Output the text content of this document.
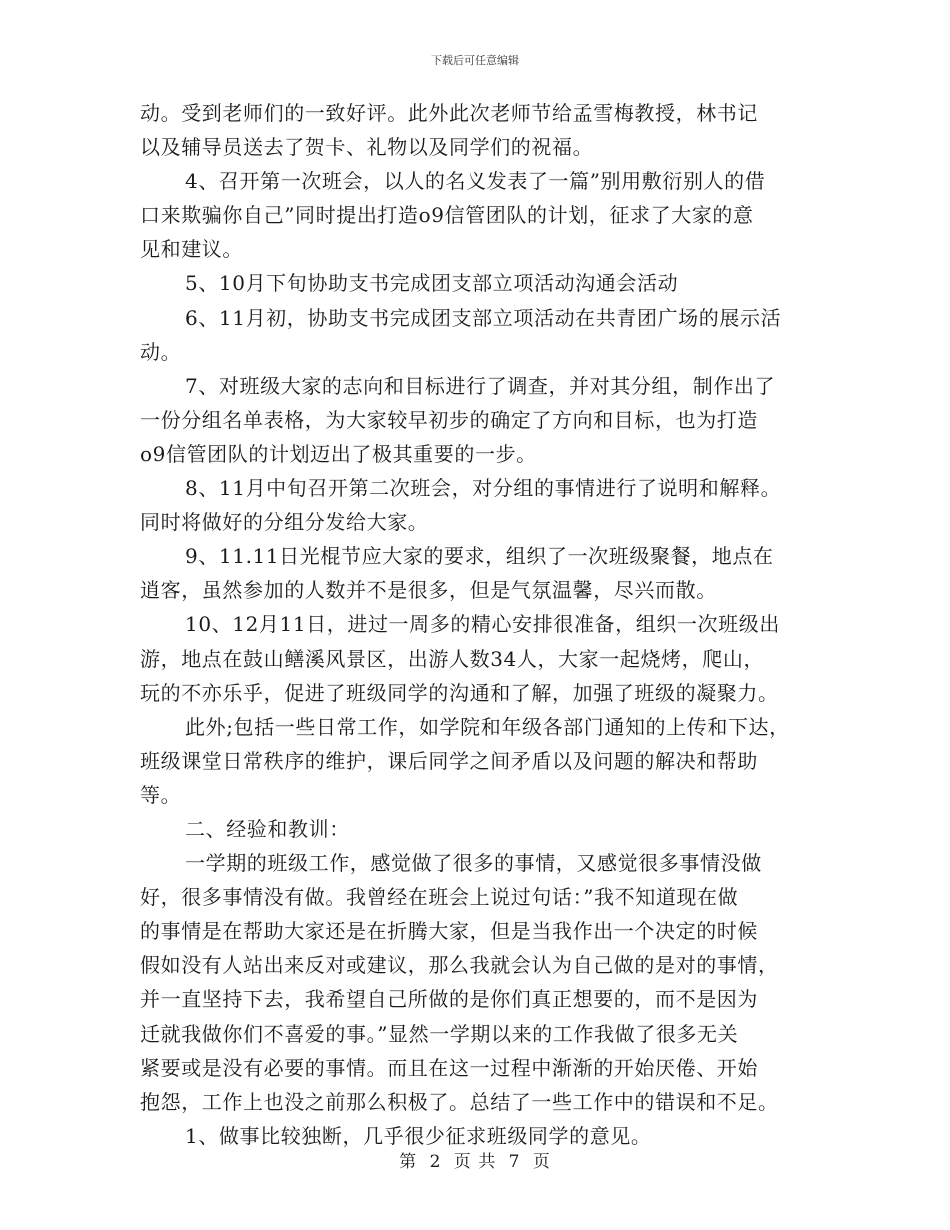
下载后可任意编辑
动。受到老师们的一致好评。此外此次老师节给孟雪梅教授，林书记
以及辅导员送去了贺卡、礼物以及同学们的祝福。
4、召开第一次班会，以人的名义发表了一篇”别用敷衍别人的借
口来欺骗你自己”同时提出打造o9信管团队的计划，征求了大家的意
见和建议。
5、10月下旬协助支书完成团支部立项活动沟通会活动
6、11月初，协助支书完成团支部立项活动在共青团广场的展示活
动。
7、对班级大家的志向和目标进行了调查，并对其分组，制作出了
一份分组名单表格，为大家较早初步的确定了方向和目标，也为打造
o9信管团队的计划迈出了极其重要的一步。
8、11月中旬召开第二次班会，对分组的事情进行了说明和解释。
同时将做好的分组分发给大家。
9、11.11日光棍节应大家的要求，组织了一次班级聚餐，地点在
逍客，虽然参加的人数并不是很多，但是气氛温馨，尽兴而散。
10、12月11日，进过一周多的精心安排很准备，组织一次班级出
游，地点在鼓山鳝溪风景区，出游人数34人，大家一起烧烤，爬山，
玩的不亦乐乎，促进了班级同学的沟通和了解，加强了班级的凝聚力。
此外;包括一些日常工作，如学院和年级各部门通知的上传和下达，
班级课堂日常秩序的维护，课后同学之间矛盾以及问题的解决和帮助
等。
二、经验和教训：
一学期的班级工作，感觉做了很多的事情，又感觉很多事情没做
好，很多事情没有做。我曾经在班会上说过句话：”我不知道现在做
的事情是在帮助大家还是在折腾大家，但是当我作出一个决定的时候
假如没有人站出来反对或建议，那么我就会认为自己做的是对的事情，
并一直坚持下去，我希望自己所做的是你们真正想要的，而不是因为
迁就我做你们不喜爱的事。”显然一学期以来的工作我做了很多无关
紧要或是没有必要的事情。而且在这一过程中渐渐的开始厌倦、开始
抱怨，工作上也没之前那么积极了。总结了一些工作中的错误和不足。
1、做事比较独断，几乎很少征求班级同学的意见。
第 2 页 共 7 页
